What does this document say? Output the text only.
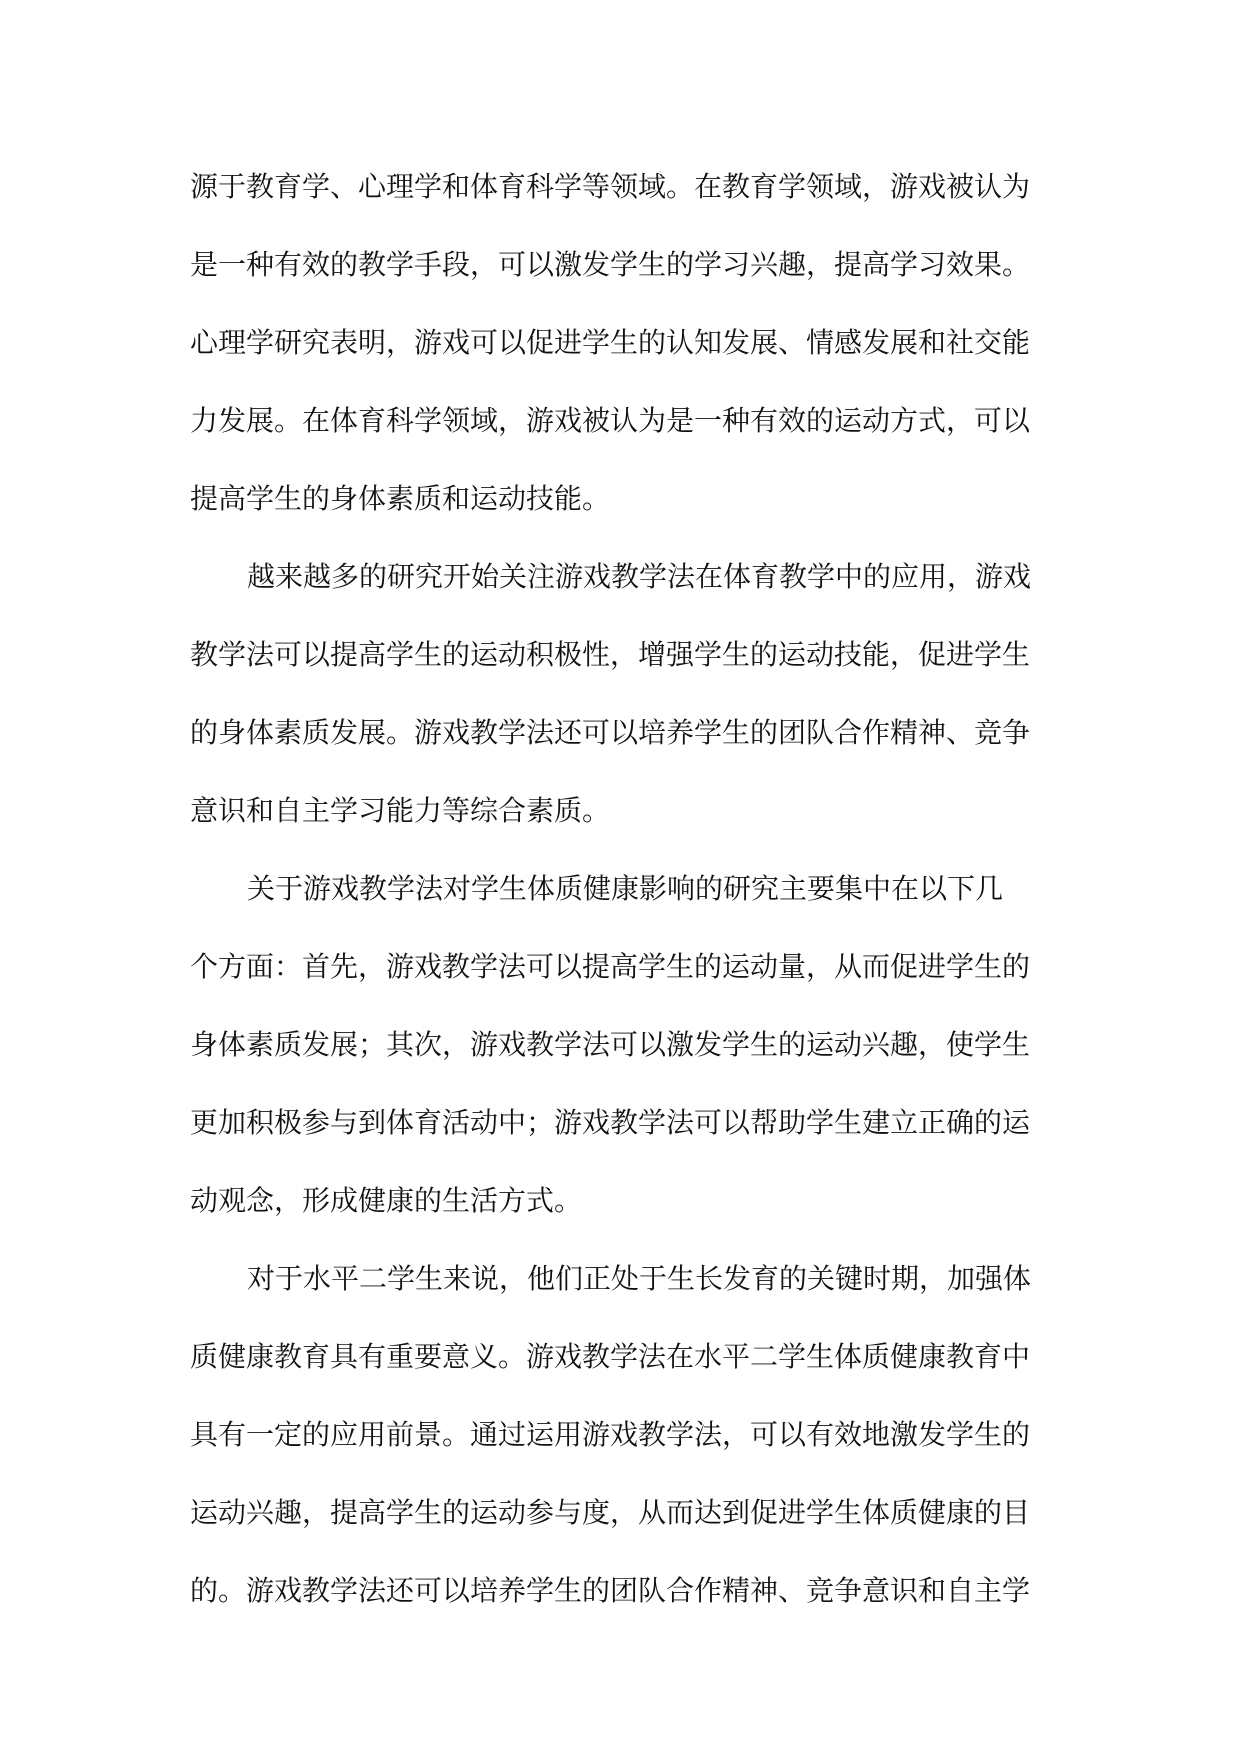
源于教育学、心理学和体育科学等领域。在教育学领域，游戏被认为
是一种有效的教学手段，可以激发学生的学习兴趣，提高学习效果。
心理学研究表明，游戏可以促进学生的认知发展、情感发展和社交能
力发展。在体育科学领域，游戏被认为是一种有效的运动方式，可以
提高学生的身体素质和运动技能。
越来越多的研究开始关注游戏教学法在体育教学中的应用，游戏
教学法可以提高学生的运动积极性，增强学生的运动技能，促进学生
的身体素质发展。游戏教学法还可以培养学生的团队合作精神、竞争
意识和自主学习能力等综合素质。
关于游戏教学法对学生体质健康影响的研究主要集中在以下几
个方面：首先，游戏教学法可以提高学生的运动量，从而促进学生的
身体素质发展；其次，游戏教学法可以激发学生的运动兴趣，使学生
更加积极参与到体育活动中；游戏教学法可以帮助学生建立正确的运
动观念，形成健康的生活方式。
对于水平二学生来说，他们正处于生长发育的关键时期，加强体
质健康教育具有重要意义。游戏教学法在水平二学生体质健康教育中
具有一定的应用前景。通过运用游戏教学法，可以有效地激发学生的
运动兴趣，提高学生的运动参与度，从而达到促进学生体质健康的目
的。游戏教学法还可以培养学生的团队合作精神、竞争意识和自主学
